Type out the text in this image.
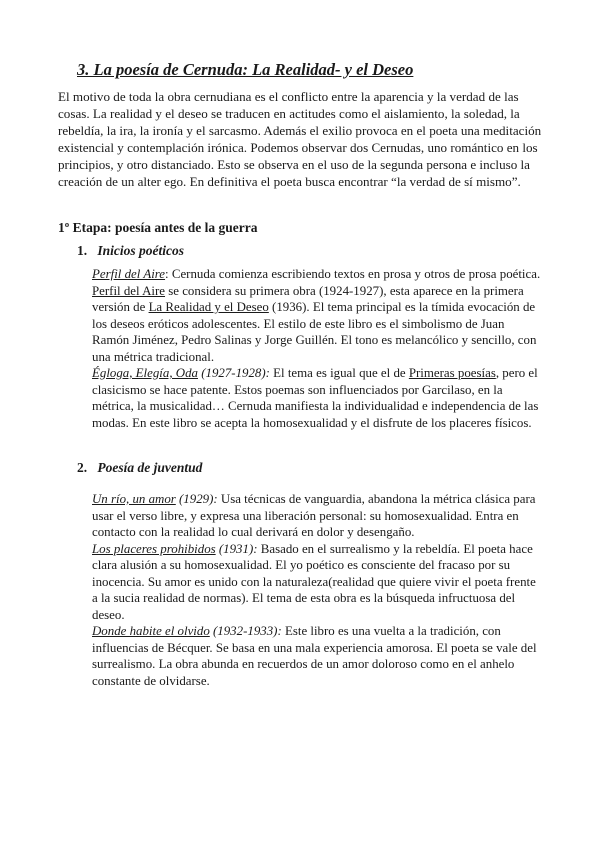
3. La poesía de Cernuda: La Realidad- y el Deseo

El motivo de toda la obra cernudiana es el conflicto entre la aparencia y la verdad de las cosas. La realidad y el deseo se traducen en actitudes como el aislamiento, la soledad, la rebeldía, la ira, la ironía y el sarcasmo. Además el exilio provoca en el poeta una meditación existencial y contemplación irónica. Podemos observar dos Cernudas, uno romántico en los principios, y otro distanciado. Esto se observa en el uso de la segunda persona e incluso la creación de un alter ego. En definitiva el poeta busca encontrar “la verdad de sí mismo”.

1º Etapa: poesía antes de la guerra
1. Inicios poéticos

Perfil del Aire: Cernuda comienza escribiendo textos en prosa y otros de prosa poética. Perfil del Aire se considera su primera obra (1924-1927), esta aparece en la primera versión de La Realidad y el Deseo (1936). El tema principal es la tímida evocación de los deseos eróticos adolescentes. El estilo de este libro es el simbolismo de Juan Ramón Jiménez, Pedro Salinas y Jorge Guillén. El tono es melancólico y sencillo, con una métrica tradicional.

Égloga, Elegía, Oda (1927-1928): El tema es igual que el de Primeras poesías, pero el clasicismo se hace patente. Estos poemas son influenciados por Garcilaso, en la métrica, la musicalidad… Cernuda manifiesta la individualidad e independencia de las modas. En este libro se acepta la homosexualidad y el disfrute de los placeres físicos.

2. Poesía de juventud

Un río, un amor (1929): Usa técnicas de vanguardia, abandona la métrica clásica para usar el verso libre, y expresa una liberación personal: su homosexualidad. Entra en contacto con la realidad lo cual derivará en dolor y desengaño.

Los placeres prohibidos (1931): Basado en el surrealismo y la rebeldía. El poeta hace clara alusión a su homosexualidad. El yo poético es consciente del fracaso por su inocencia. Su amor es unido con la naturaleza(realidad que quiere vivir el poeta frente a la sucia realidad de normas). El tema de esta obra es la búsqueda infructuosa del deseo.

Donde habite el olvido (1932-1933): Este libro es una vuelta a la tradición, con influencias de Bécquer. Se basa en una mala experiencia amorosa. El poeta se vale del surrealismo. La obra abunda en recuerdos de un amor doloroso como en el anhelo constante de olvidarse.
